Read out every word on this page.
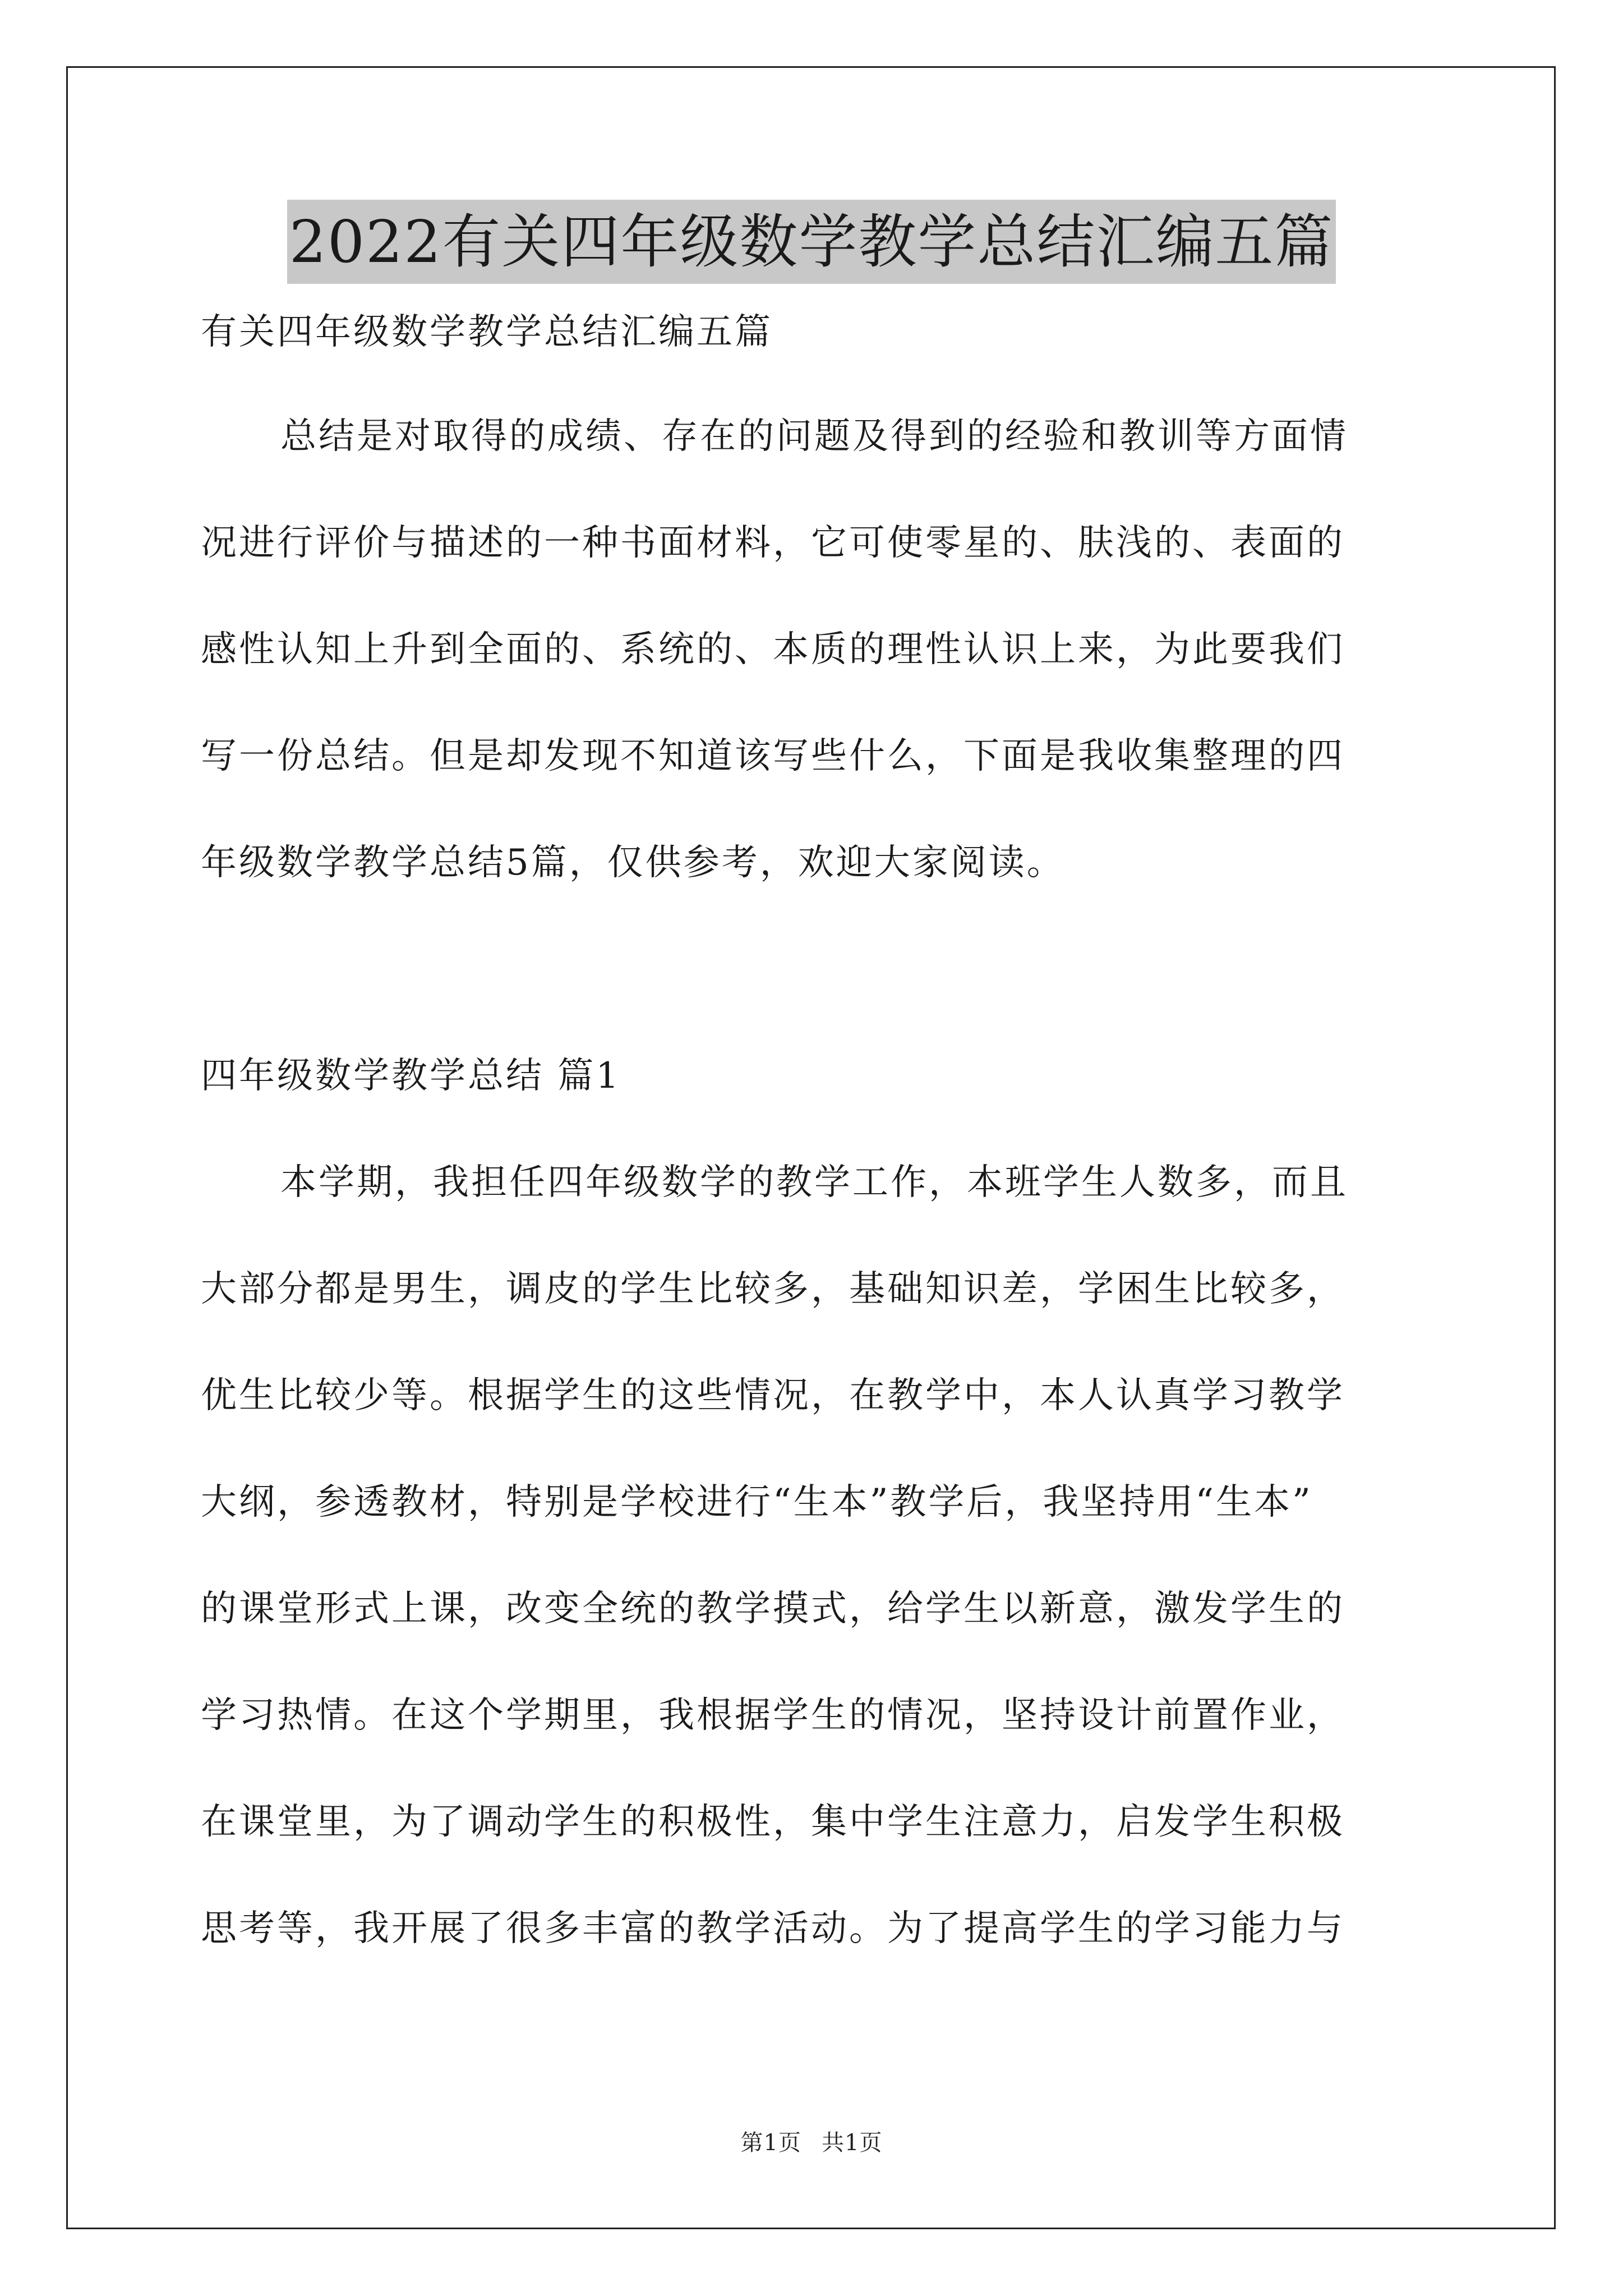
2022有关四年级数学教学总结汇编五篇

有关四年级数学教学总结汇编五篇

总结是对取得的成绩、存在的问题及得到的经验和教训等方面情

况进行评价与描述的一种书面材料，它可使零星的、肤浅的、表面的

感性认知上升到全面的、系统的、本质的理性认识上来，为此要我们

写一份总结。但是却发现不知道该写些什么，下面是我收集整理的四

年级数学教学总结5篇，仅供参考，欢迎大家阅读。

四年级数学教学总结 篇1

本学期，我担任四年级数学的教学工作，本班学生人数多，而且

大部分都是男生，调皮的学生比较多，基础知识差，学困生比较多，

优生比较少等。根据学生的这些情况，在教学中，本人认真学习教学

大纲，参透教材，特别是学校进行“生本”教学后，我坚持用“生本”

的课堂形式上课，改变全统的教学摸式，给学生以新意，激发学生的

学习热情。在这个学期里，我根据学生的情况，坚持设计前置作业，

在课堂里，为了调动学生的积极性，集中学生注意力，启发学生积极

思考等，我开展了很多丰富的教学活动。为了提高学生的学习能力与

第1页 共1页
